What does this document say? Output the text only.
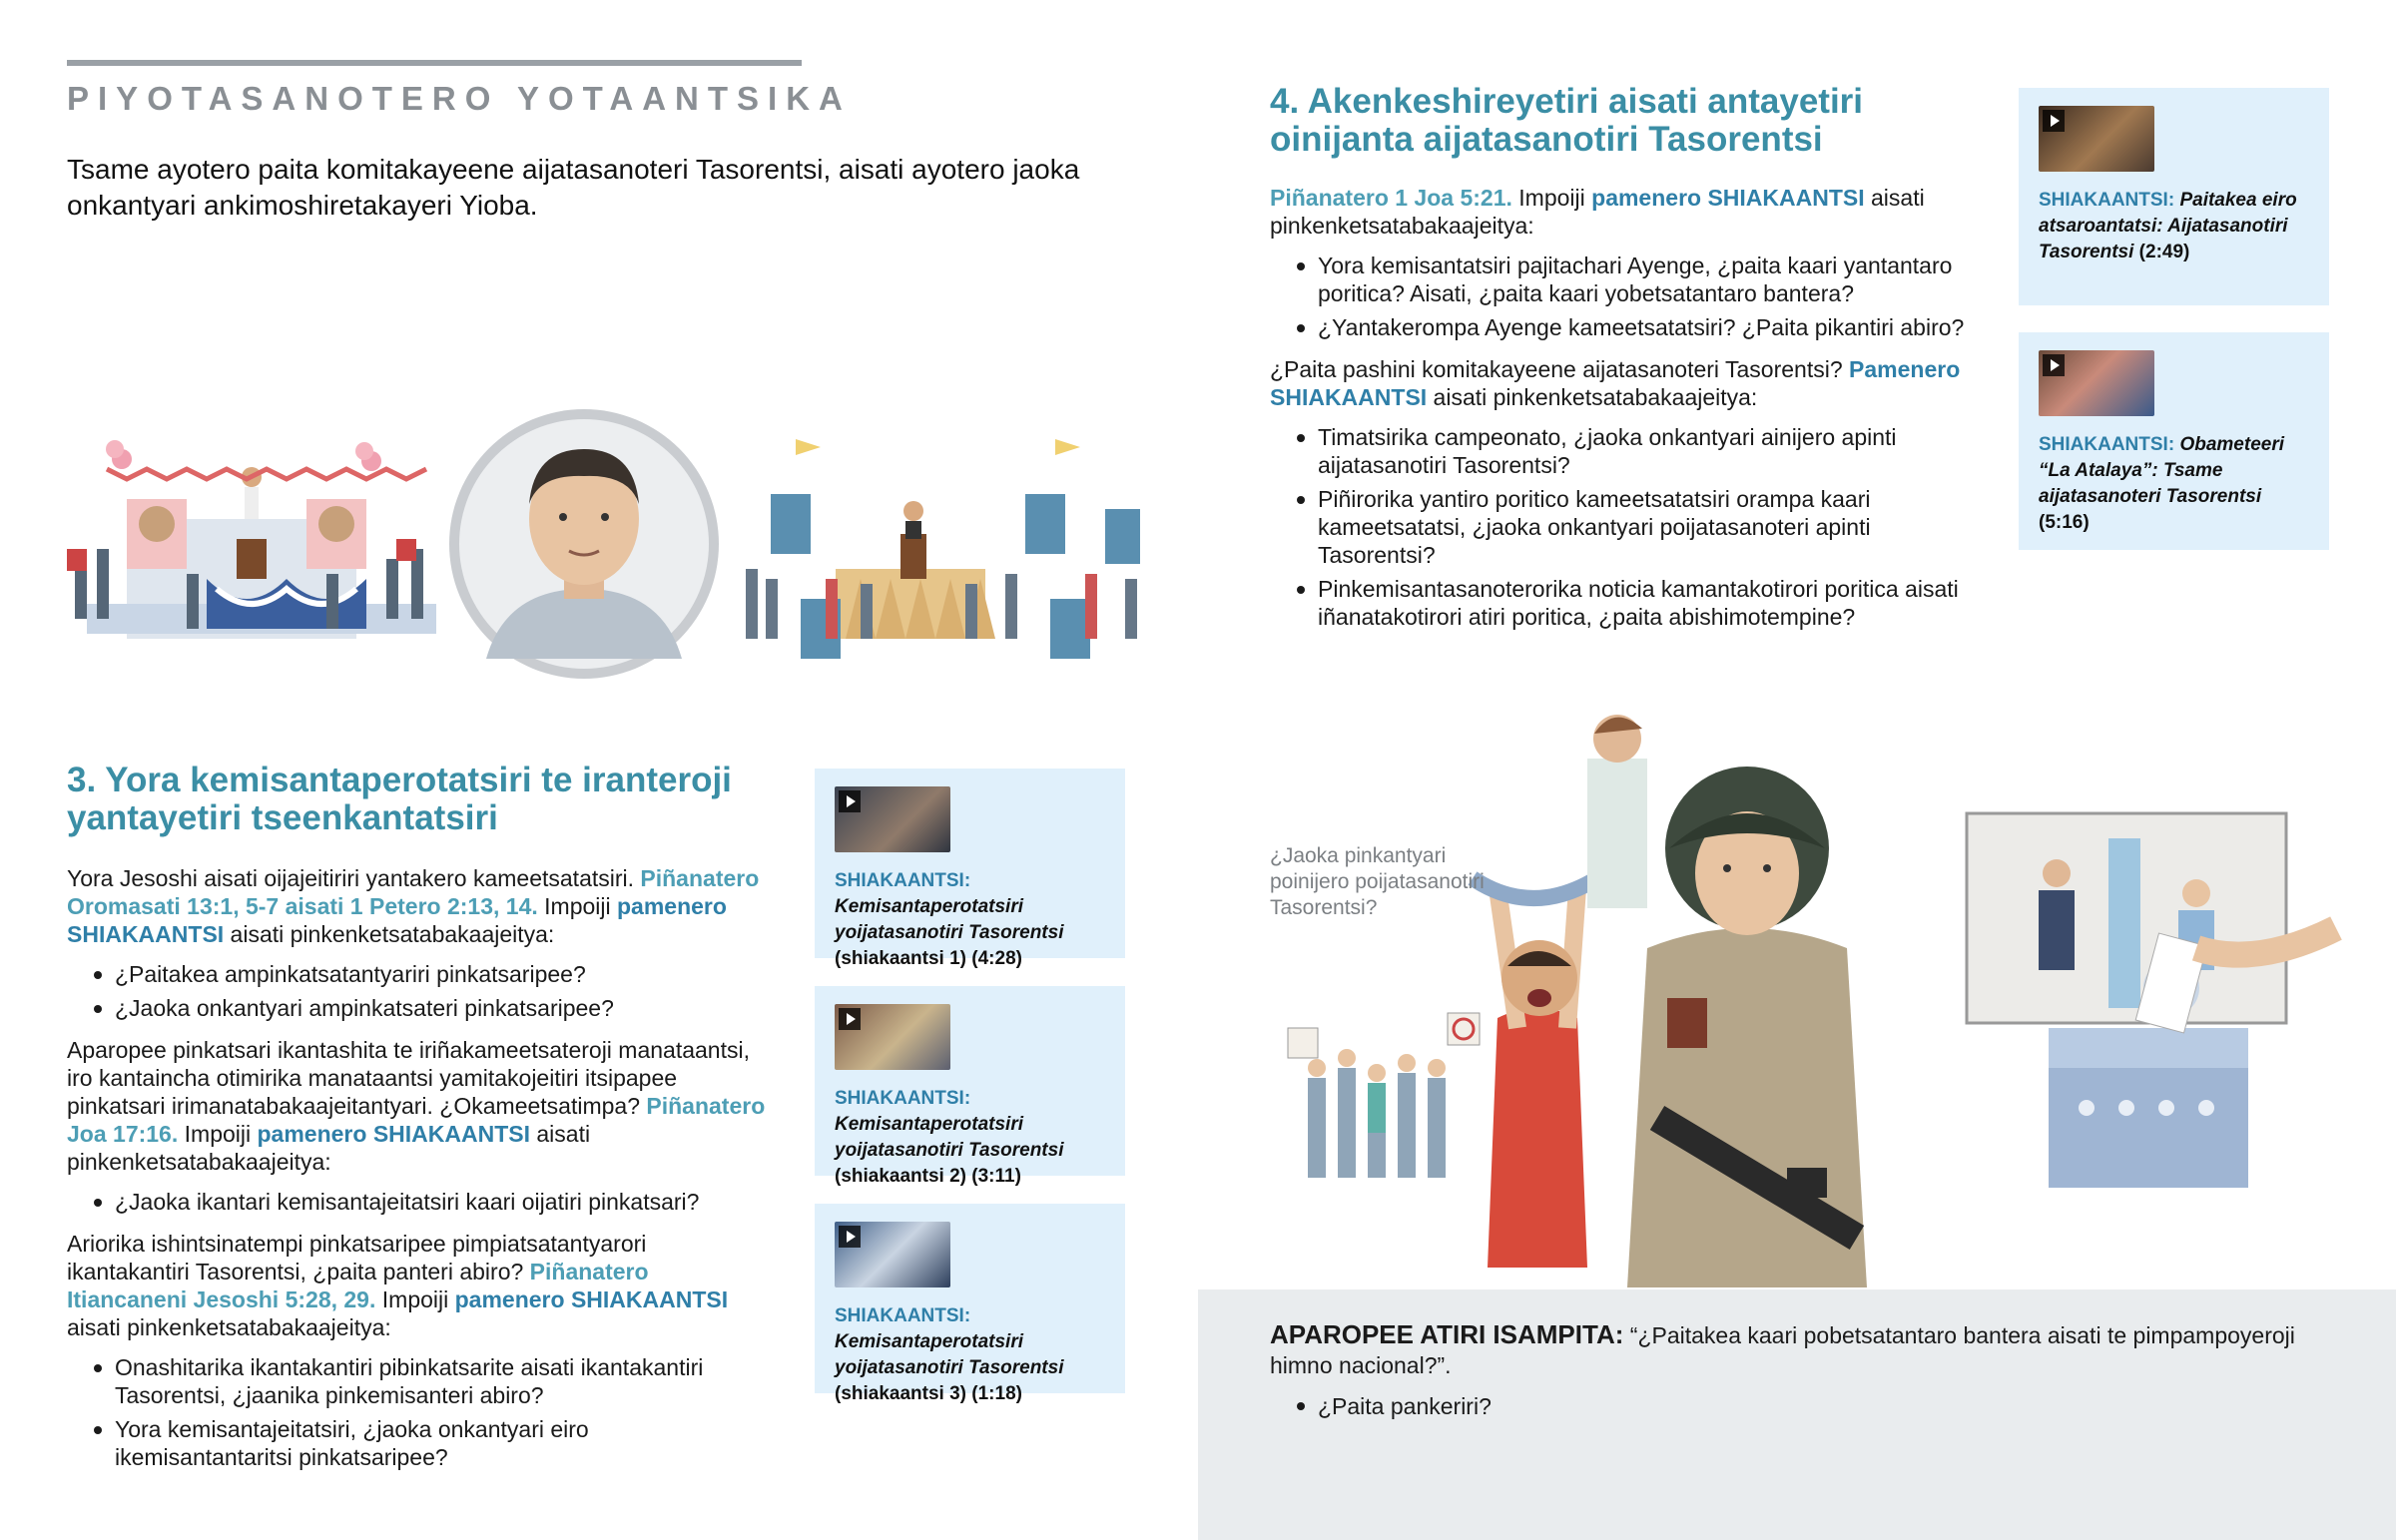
PIYOTASANOTERO YOTAANTSIKA
Tsame ayotero paita komitakayeene aijatasanoteri Tasorentsi, aisati ayotero jaoka onkantyari ankimoshiretakayeri Yioba.
3. Yora kemisantaperotatsiri te iranteroji yantayetiri tseenkantatsiri

Yora Jesoshi aisati oijajeitiriri yantakero kameetsatatsiri. Piñanatero Oromasati 13:1, 5-7 aisati 1 Petero 2:13, 14. Impoiji pamenero SHIAKAANTSI aisati pinkenketsatabakaajeitya:

¿Paitakea ampinkatsatantyariri pinkatsaripee?
¿Jaoka onkantyari ampinkatsateri pinkatsaripee?

Aparopee pinkatsari ikantashita te iriñakameetsateroji manataantsi, iro kantaincha otimirika manataantsi yamitakojeitiri itsipapee pinkatsari irimanatabakaajeitantyari. ¿Okameetsatimpa? Piñanatero Joa 17:16. Impoiji pamenero SHIAKAANTSI aisati pinkenketsatabakaajeitya:

¿Jaoka ikantari kemisantajeitatsiri kaari oijatiri pinkatsari?

Ariorika ishintsinatempi pinkatsaripee pimpiatsatantyarori ikantakantiri Tasorentsi, ¿paita panteri abiro? Piñanatero Itiancaneni Jesoshi 5:28, 29. Impoiji pamenero SHIAKAANTSI aisati pinkenketsatabakaajeitya:

Onashitarika ikantakantiri pibinkatsarite aisati ikantakantiri Tasorentsi, ¿jaanika pinkemisanteri abiro?
Yora kemisantajeitatsiri, ¿jaoka onkantyari eiro ikemisantantaritsi pinkatsaripee?
SHIAKAANTSI: Kemisantaperotatsiri yoijatasanotiri Tasorentsi (shiakaantsi 1) (4:28)
SHIAKAANTSI: Kemisantaperotatsiri yoijatasanotiri Tasorentsi (shiakaantsi 2) (3:11)
SHIAKAANTSI: Kemisantaperotatsiri yoijatasanotiri Tasorentsi (shiakaantsi 3) (1:18)
4. Akenkeshireyetiri aisati antayetiri oinijanta aijatasanotiri Tasorentsi

Piñanatero 1 Joa 5:21. Impoiji pamenero SHIAKAANTSI aisati pinkenketsatabakaajeitya:

Yora kemisantatsiri pajitachari Ayenge, ¿paita kaari yantantaro poritica? Aisati, ¿paita kaari yobetsatantaro bantera?
¿Yantakerompa Ayenge kameetsatatsiri? ¿Paita pikantiri abiro?

¿Paita pashini komitakayeene aijatasanoteri Tasorentsi? Pamenero SHIAKAANTSI aisati pinkenketsatabakaajeitya:

Timatsirika campeonato, ¿jaoka onkantyari ainijero apinti aijatasanotiri Tasorentsi?
Piñirorika yantiro poritico kameetsatatsiri orampa kaari kameetsatatsi, ¿jaoka onkantyari poijatasanoteri apinti Tasorentsi?
Pinkemisantasanoterorika noticia kamantakotirori poritica aisati iñanatakotirori atiri poritica, ¿paita abishimotempine?
SHIAKAANTSI: Paitakea eiro atsaroantatsi: Aijatasanotiri Tasorentsi (2:49)
SHIAKAANTSI: Obameteeri “La Atalaya”: Tsame aijatasanoteri Tasorentsi (5:16)
¿Jaoka pinkantyari poinijero poijatasanotiri Tasorentsi?
APAROPEE ATIRI ISAMPITA: “¿Paitakea kaari pobetsatantaro bantera aisati te pimpampoyeroji himno nacional?”.
¿Paita pankeriri?
